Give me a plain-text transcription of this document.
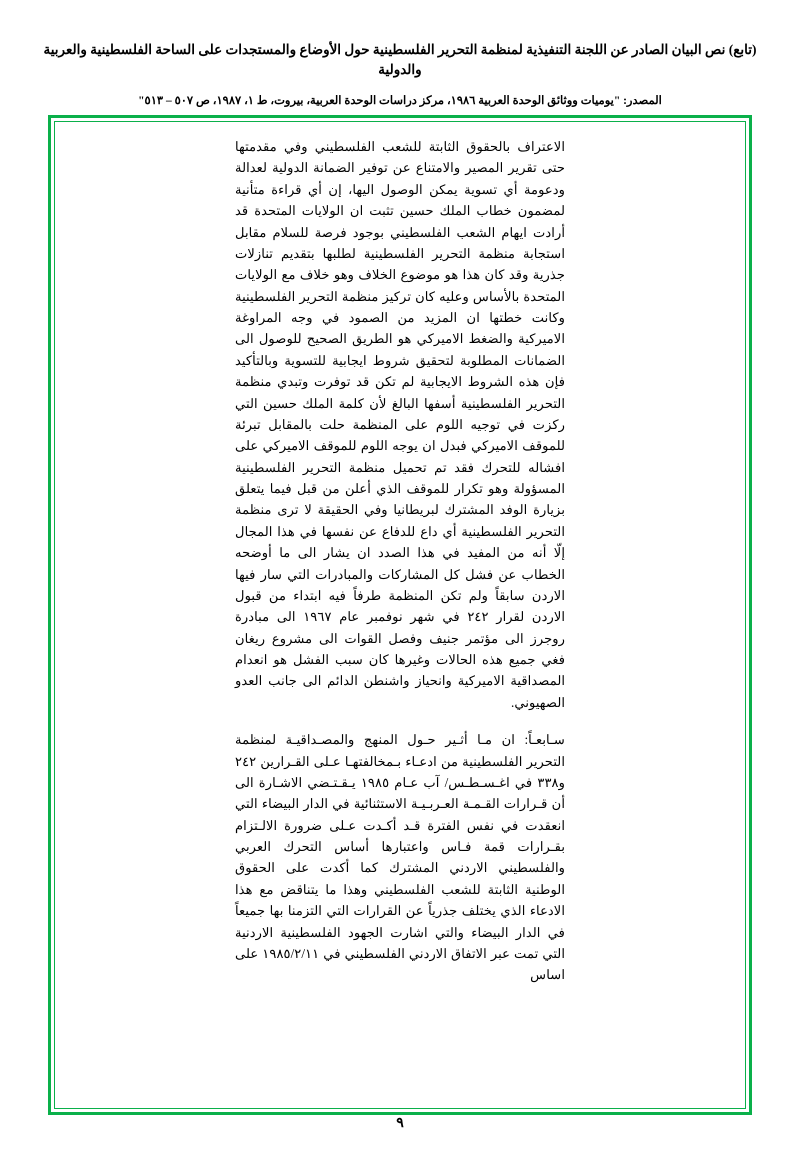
(تابع) نص البيان الصادر عن اللجنة التنفيذية لمنظمة التحرير الفلسطينية حول الأوضاع والمستجدات على الساحة الفلسطينية والعربية والدولية
المصدر: "يوميات ووثائق الوحدة العربية ١٩٨٦، مركز دراسات الوحدة العربية، بيروت، ط ١، ١٩٨٧، ص ٥٠٧ – ٥١٣"

الاعتراف بالحقوق الثابتة للشعب الفلسطيني وفي مقدمتها حتى تقرير المصير والامتناع عن توفير الضمانة الدولية لعدالة ودعومة أي تسوية يمكن الوصول اليها، إن أي قراءة متأنية لمضمون خطاب الملك حسين تثبت ان الولايات المتحدة قد أرادت ايهام الشعب الفلسطيني بوجود فرصة للسلام مقابل استجابة منظمة التحرير الفلسطينية لطلبها بتقديم تنازلات جذرية وقد كان هذا هو موضوع الخلاف وهو خلاف مع الولايات المتحدة بالأساس وعليه كان تركيز منظمة التحرير الفلسطينية وكانت خطتها ان المزيد من الصمود في وجه المراوغة الاميركية والضغط الاميركي هو الطريق الصحيح للوصول الى الضمانات المطلوبة لتحقيق شروط ايجابية للتسوية وبالتأكيد فإن هذه الشروط الايجابية لم تكن قد توفرت وتبدي منظمة التحرير الفلسطينية أسفها البالغ لأن كلمة الملك حسين التي ركزت في توجيه اللوم على المنظمة حلت بالمقابل تبرئة للموقف الاميركي فبدل ان يوجه اللوم للموقف الاميركي على افشاله للتحرك فقد تم تحميل منظمة التحرير الفلسطينية المسؤولة وهو تكرار للموقف الذي أعلن من قبل فيما يتعلق بزيارة الوفد المشترك لبريطانيا وفي الحقيقة لا ترى منظمة التحرير الفلسطينية أي داع للدفاع عن نفسها في هذا المجال إلّا أنه من المفيد في هذا الصدد ان يشار الى ما أوضحه الخطاب عن فشل كل المشاركات والمبادرات التي سار فيها الاردن سابقاً ولم تكن المنظمة طرفاً فيه ابتداء من قبول الاردن لقرار ٢٤٢ في شهر نوفمبر عام ١٩٦٧ الى مبادرة روجرز الى مؤتمر جنيف وفصل القوات الى مشروع ريغان فغي جميع هذه الحالات وغيرها كان سبب الفشل هو انعدام المصداقية الاميركية وانحياز واشنطن الدائم الى جانب العدو الصهيوني.

سـابعـاً: ان مـا أثـير حـول المنهج والمصـداقيـة لمنظمة التحرير الفلسطينية من ادعـاء بـمخالفتهـا عـلى القـرارين ٢٤٢ و٣٣٨ في اغـسـطـس/ آب عـام ١٩٨٥ يـقـتـضي الاشـارة الى أن قـرارات القـمـة العـربـيـة الاستثنائية في الدار البيضاء التي انعقدت في نفس الفترة قـد أكـدت عـلى ضرورة الالـتزام بقـرارات قمة فـاس واعتبارها أساس التحرك العربي والفلسطيني الاردني المشترك كما أكدت على الحقوق الوطنية الثابتة للشعب الفلسطيني وهذا ما يتناقض مع هذا الادعاء الذي يختلف جذرياً عن القرارات التي التزمنا بها جميعاً في الدار البيضاء والتي اشارت الجهود الفلسطينية الاردنية التي تمت عبر الاتفاق الاردني الفلسطيني في ١٩٨٥/٢/١١ على اساس

٩
